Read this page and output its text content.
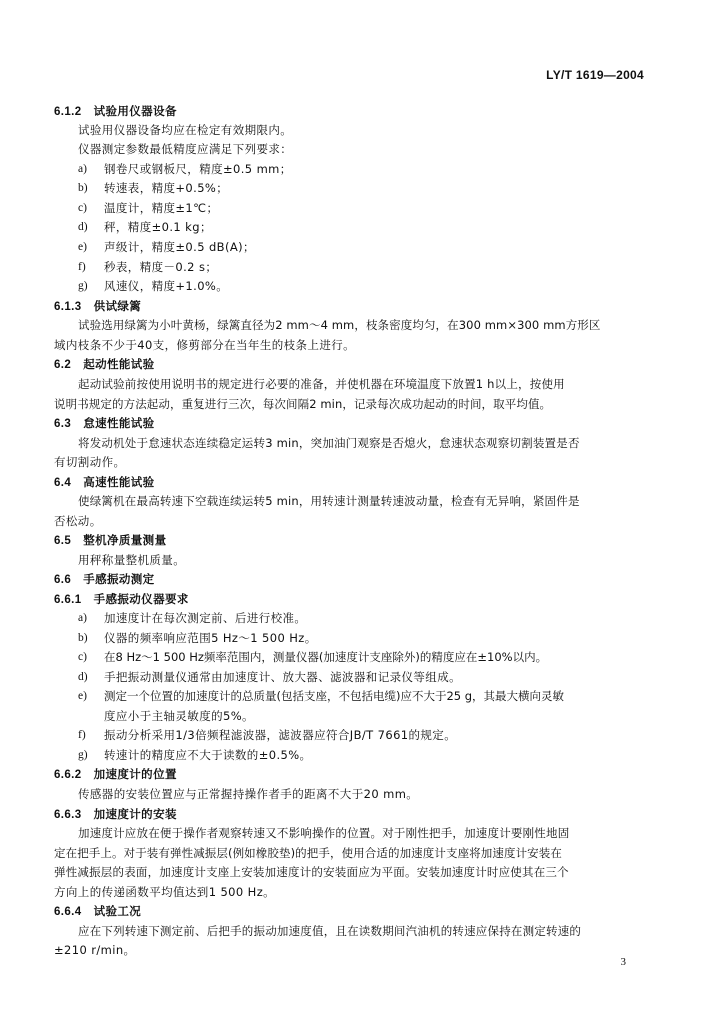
LY/T 1619—2004
6.1.2 试验用仪器设备
试验用仪器设备均应在检定有效期限内。
仪器测定参数最低精度应满足下列要求：
a) 钢卷尺或钢板尺，精度±0.5 mm；
b) 转速表，精度+0.5%；
c) 温度计，精度±1℃；
d) 秤，精度±0.1 kg；
e) 声级计，精度±0.5 dB(A)；
f) 秒表，精度－0.2 s；
g) 风速仪，精度+1.0%。
6.1.3 供试绿篱
试验选用绿篱为小叶黄杨，绿篱直径为2 mm～4 mm，枝条密度均匀，在300 mm×300 mm方形区
域内枝条不少于40支，修剪部分在当年生的枝条上进行。
6.2 起动性能试验
起动试验前按使用说明书的规定进行必要的准备，并使机器在环境温度下放置1 h以上，按使用
说明书规定的方法起动，重复进行三次，每次间隔2 min，记录每次成功起动的时间，取平均值。
6.3 怠速性能试验
将发动机处于怠速状态连续稳定运转3 min，突加油门观察是否熄火，怠速状态观察切割装置是否
有切割动作。
6.4 高速性能试验
使绿篱机在最高转速下空载连续运转5 min，用转速计测量转速波动量，检查有无异响，紧固件是
否松动。
6.5 整机净质量测量
用秤称量整机质量。
6.6 手感振动测定
6.6.1 手感振动仪器要求
a) 加速度计在每次测定前、后进行校准。
b) 仪器的频率响应范围5 Hz～1 500 Hz。
c) 在8 Hz～1 500 Hz频率范围内，测量仪器(加速度计支座除外)的精度应在±10%以内。
d) 手把振动测量仪通常由加速度计、放大器、滤波器和记录仪等组成。
e) 测定一个位置的加速度计的总质量(包括支座，不包括电缆)应不大于25 g，其最大横向灵敏
度应小于主轴灵敏度的5%。
f) 振动分析采用1/3倍频程滤波器，滤波器应符合JB/T 7661的规定。
g) 转速计的精度应不大于读数的±0.5%。
6.6.2 加速度计的位置
传感器的安装位置应与正常握持操作者手的距离不大于20 mm。
6.6.3 加速度计的安装
加速度计应放在便于操作者观察转速又不影响操作的位置。对于刚性把手，加速度计要刚性地固
定在把手上。对于装有弹性减振层(例如橡胶垫)的把手，使用合适的加速度计支座将加速度计安装在
弹性减振层的表面，加速度计支座上安装加速度计的安装面应为平面。安装加速度计时应使其在三个
方向上的传递函数平均值达到1 500 Hz。
6.6.4 试验工况
应在下列转速下测定前、后把手的振动加速度值，且在读数期间汽油机的转速应保持在测定转速的
±210 r/min。
3
